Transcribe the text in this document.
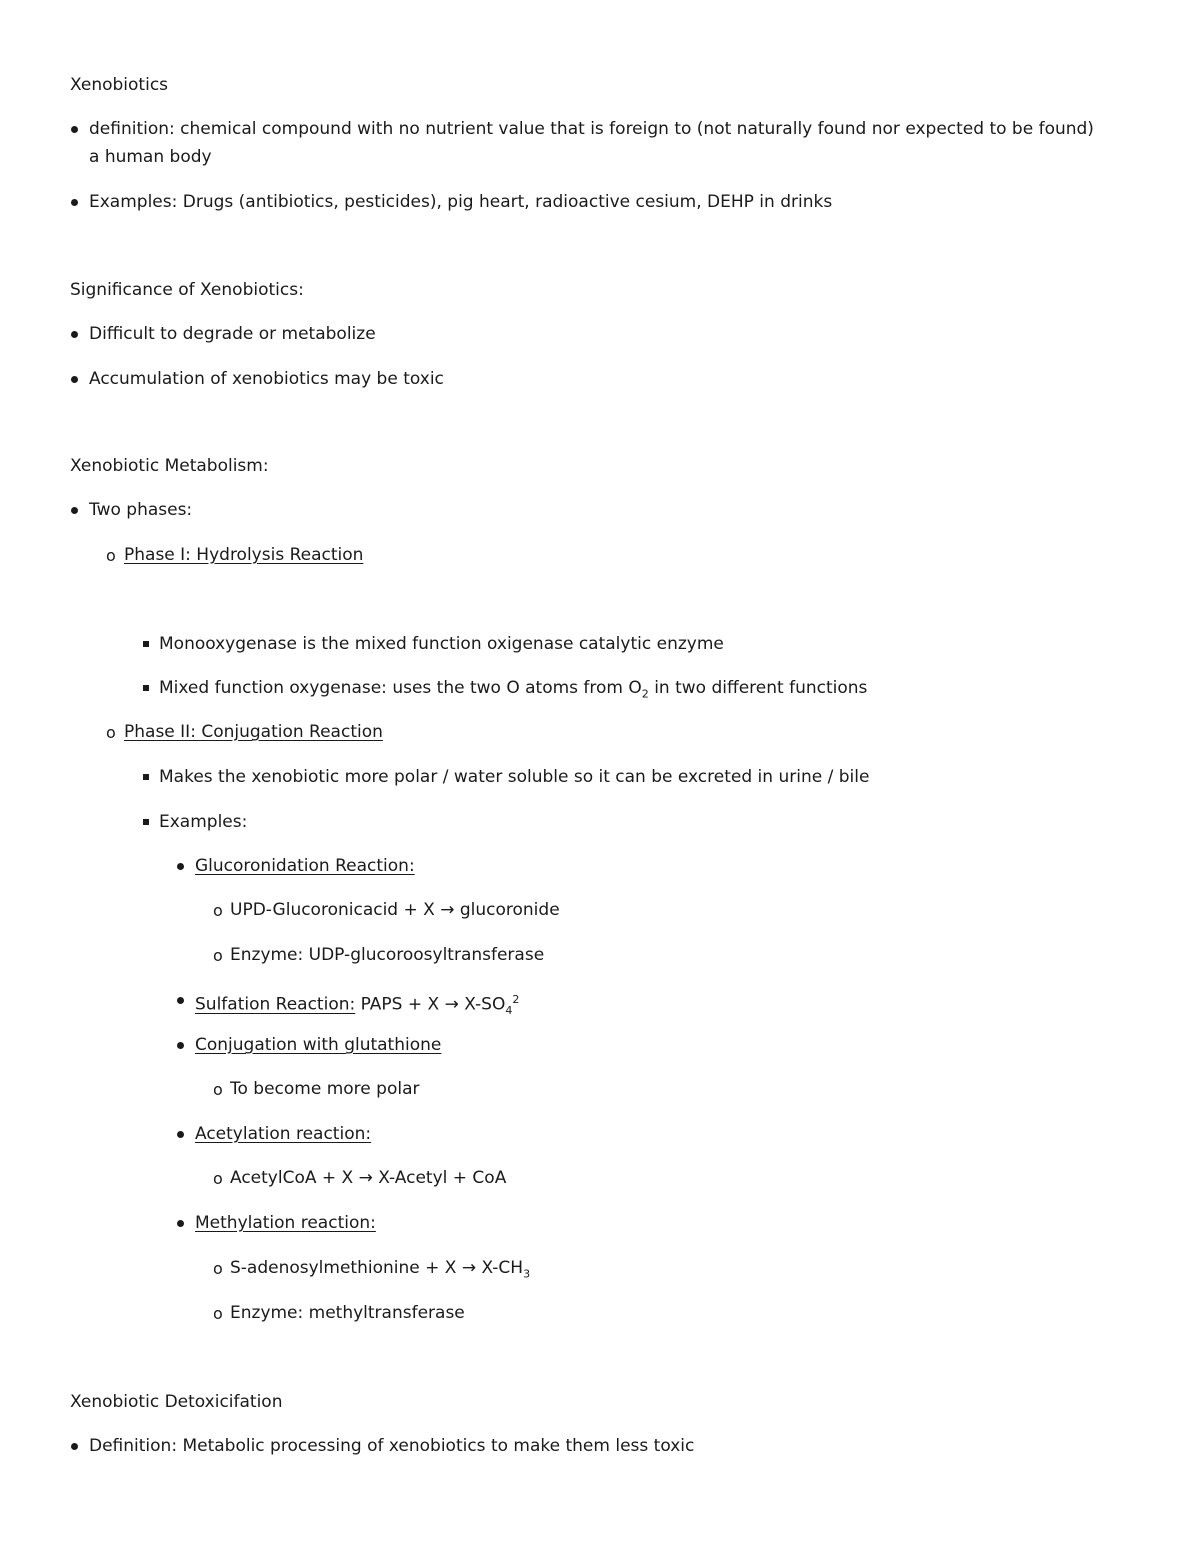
Xenobiotics
definition: chemical compound with no nutrient value that is foreign to (not naturally found nor expected to be found)
a human body
Examples: Drugs (antibiotics, pesticides), pig heart, radioactive cesium, DEHP in drinks
Significance of Xenobiotics:
Difficult to degrade or metabolize
Accumulation of xenobiotics may be toxic
Xenobiotic Metabolism:
Two phases:
o Phase I: Hydrolysis Reaction
Monooxygenase is the mixed function oxigenase catalytic enzyme
Mixed function oxygenase: uses the two O atoms from $O_2$ in two different functions
o Phase II: Conjugation Reaction
Makes the xenobiotic more polar / water soluble so it can be excreted in urine / bile
Examples:
Glucoronidation Reaction:
o UPD-Glucoronicacid + X → glucoronide
o Enzyme: UDP-glucoroosyltransferase
Sulfation Reaction: PAPS + $X \to X-SO_4^2$
Conjugation with glutathione
o To become more polar
Acetylation reaction:
o AcetylCoA + X → X-Acetyl + CoA
Methylation reaction:
o S-adenosylmethionine + $X \to X-CH_3$
o Enzyme: methyltransferase
Xenobiotic Detoxicifation
Definition: Metabolic processing of xenobiotics to make them less toxic
